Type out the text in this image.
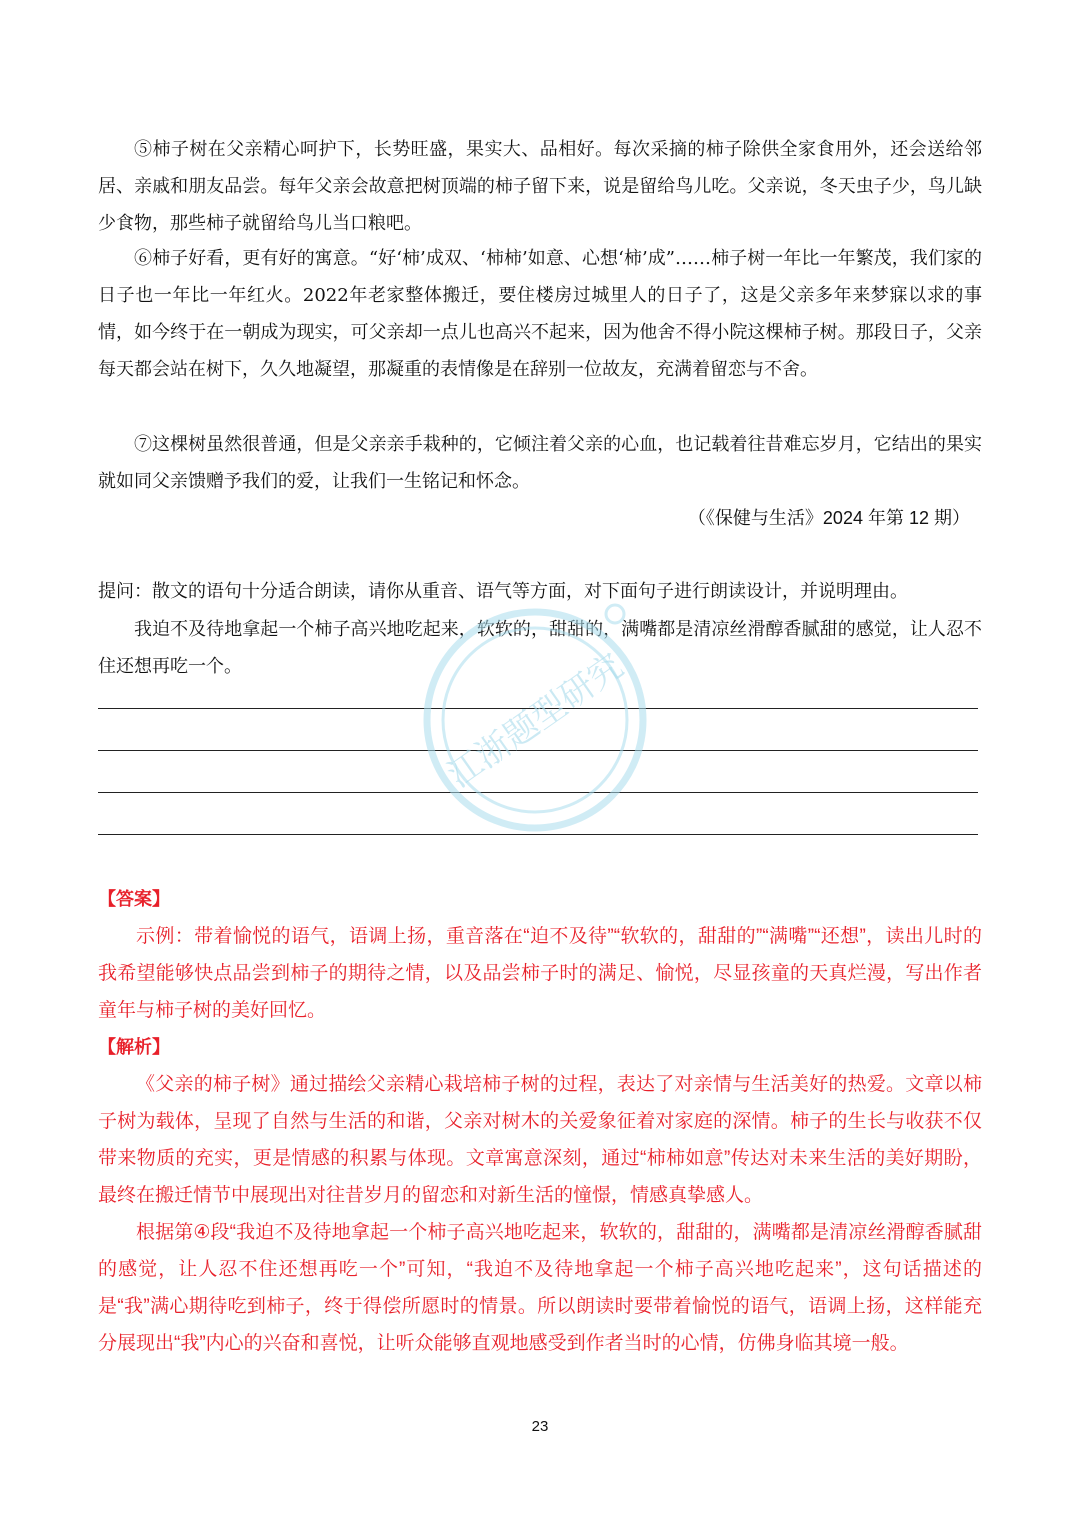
⑤柿子树在父亲精心呵护下，长势旺盛，果实大、品相好。每次采摘的柿子除供全家食用外，还会送给邻居、亲戚和朋友品尝。每年父亲会故意把树顶端的柿子留下来，说是留给鸟儿吃。父亲说，冬天虫子少，鸟儿缺少食物，那些柿子就留给鸟儿当口粮吧。

⑥柿子好看，更有好的寓意。“好‘柿’成双、‘柿柿’如意、心想‘柿’成”……柿子树一年比一年繁茂，我们家的日子也一年比一年红火。2022年老家整体搬迁，要住楼房过城里人的日子了，这是父亲多年来梦寐以求的事情，如今终于在一朝成为现实，可父亲却一点儿也高兴不起来，因为他舍不得小院这棵柿子树。那段日子，父亲每天都会站在树下，久久地凝望，那凝重的表情像是在辞别一位故友，充满着留恋与不舍。

⑦这棵树虽然很普通，但是父亲亲手栽种的，它倾注着父亲的心血，也记载着往昔难忘岁月，它结出的果实就如同父亲馈赠予我们的爱，让我们一生铭记和怀念。

（《保健与生活》2024 年第 12 期）

提问：散文的语句十分适合朗读，请你从重音、语气等方面，对下面句子进行朗读设计，并说明理由。

我迫不及待地拿起一个柿子高兴地吃起来，软软的，甜甜的，满嘴都是清凉丝滑醇香腻甜的感觉，让人忍不住还想再吃一个。

【答案】

示例：带着愉悦的语气，语调上扬，重音落在“迫不及待”“软软的，甜甜的”“满嘴”“还想”，读出儿时的我希望能够快点品尝到柿子的期待之情，以及品尝柿子时的满足、愉悦，尽显孩童的天真烂漫，写出作者童年与柿子树的美好回忆。

【解析】

《父亲的柿子树》通过描绘父亲精心栽培柿子树的过程，表达了对亲情与生活美好的热爱。文章以柿子树为载体，呈现了自然与生活的和谐，父亲对树木的关爱象征着对家庭的深情。柿子的生长与收获不仅带来物质的充实，更是情感的积累与体现。文章寓意深刻，通过“柿柿如意”传达对未来生活的美好期盼，最终在搬迁情节中展现出对往昔岁月的留恋和对新生活的憧憬，情感真挚感人。

根据第④段“我迫不及待地拿起一个柿子高兴地吃起来，软软的，甜甜的，满嘴都是清凉丝滑醇香腻甜的感觉，让人忍不住还想再吃一个”可知，“我迫不及待地拿起一个柿子高兴地吃起来”，这句话描述的是“我”满心期待吃到柿子，终于得偿所愿时的情景。所以朗读时要带着愉悦的语气，语调上扬，这样能充分展现出“我”内心的兴奋和喜悦，让听众能够直观地感受到作者当时的心情，仿佛身临其境一般。

23
江浙题型研究
